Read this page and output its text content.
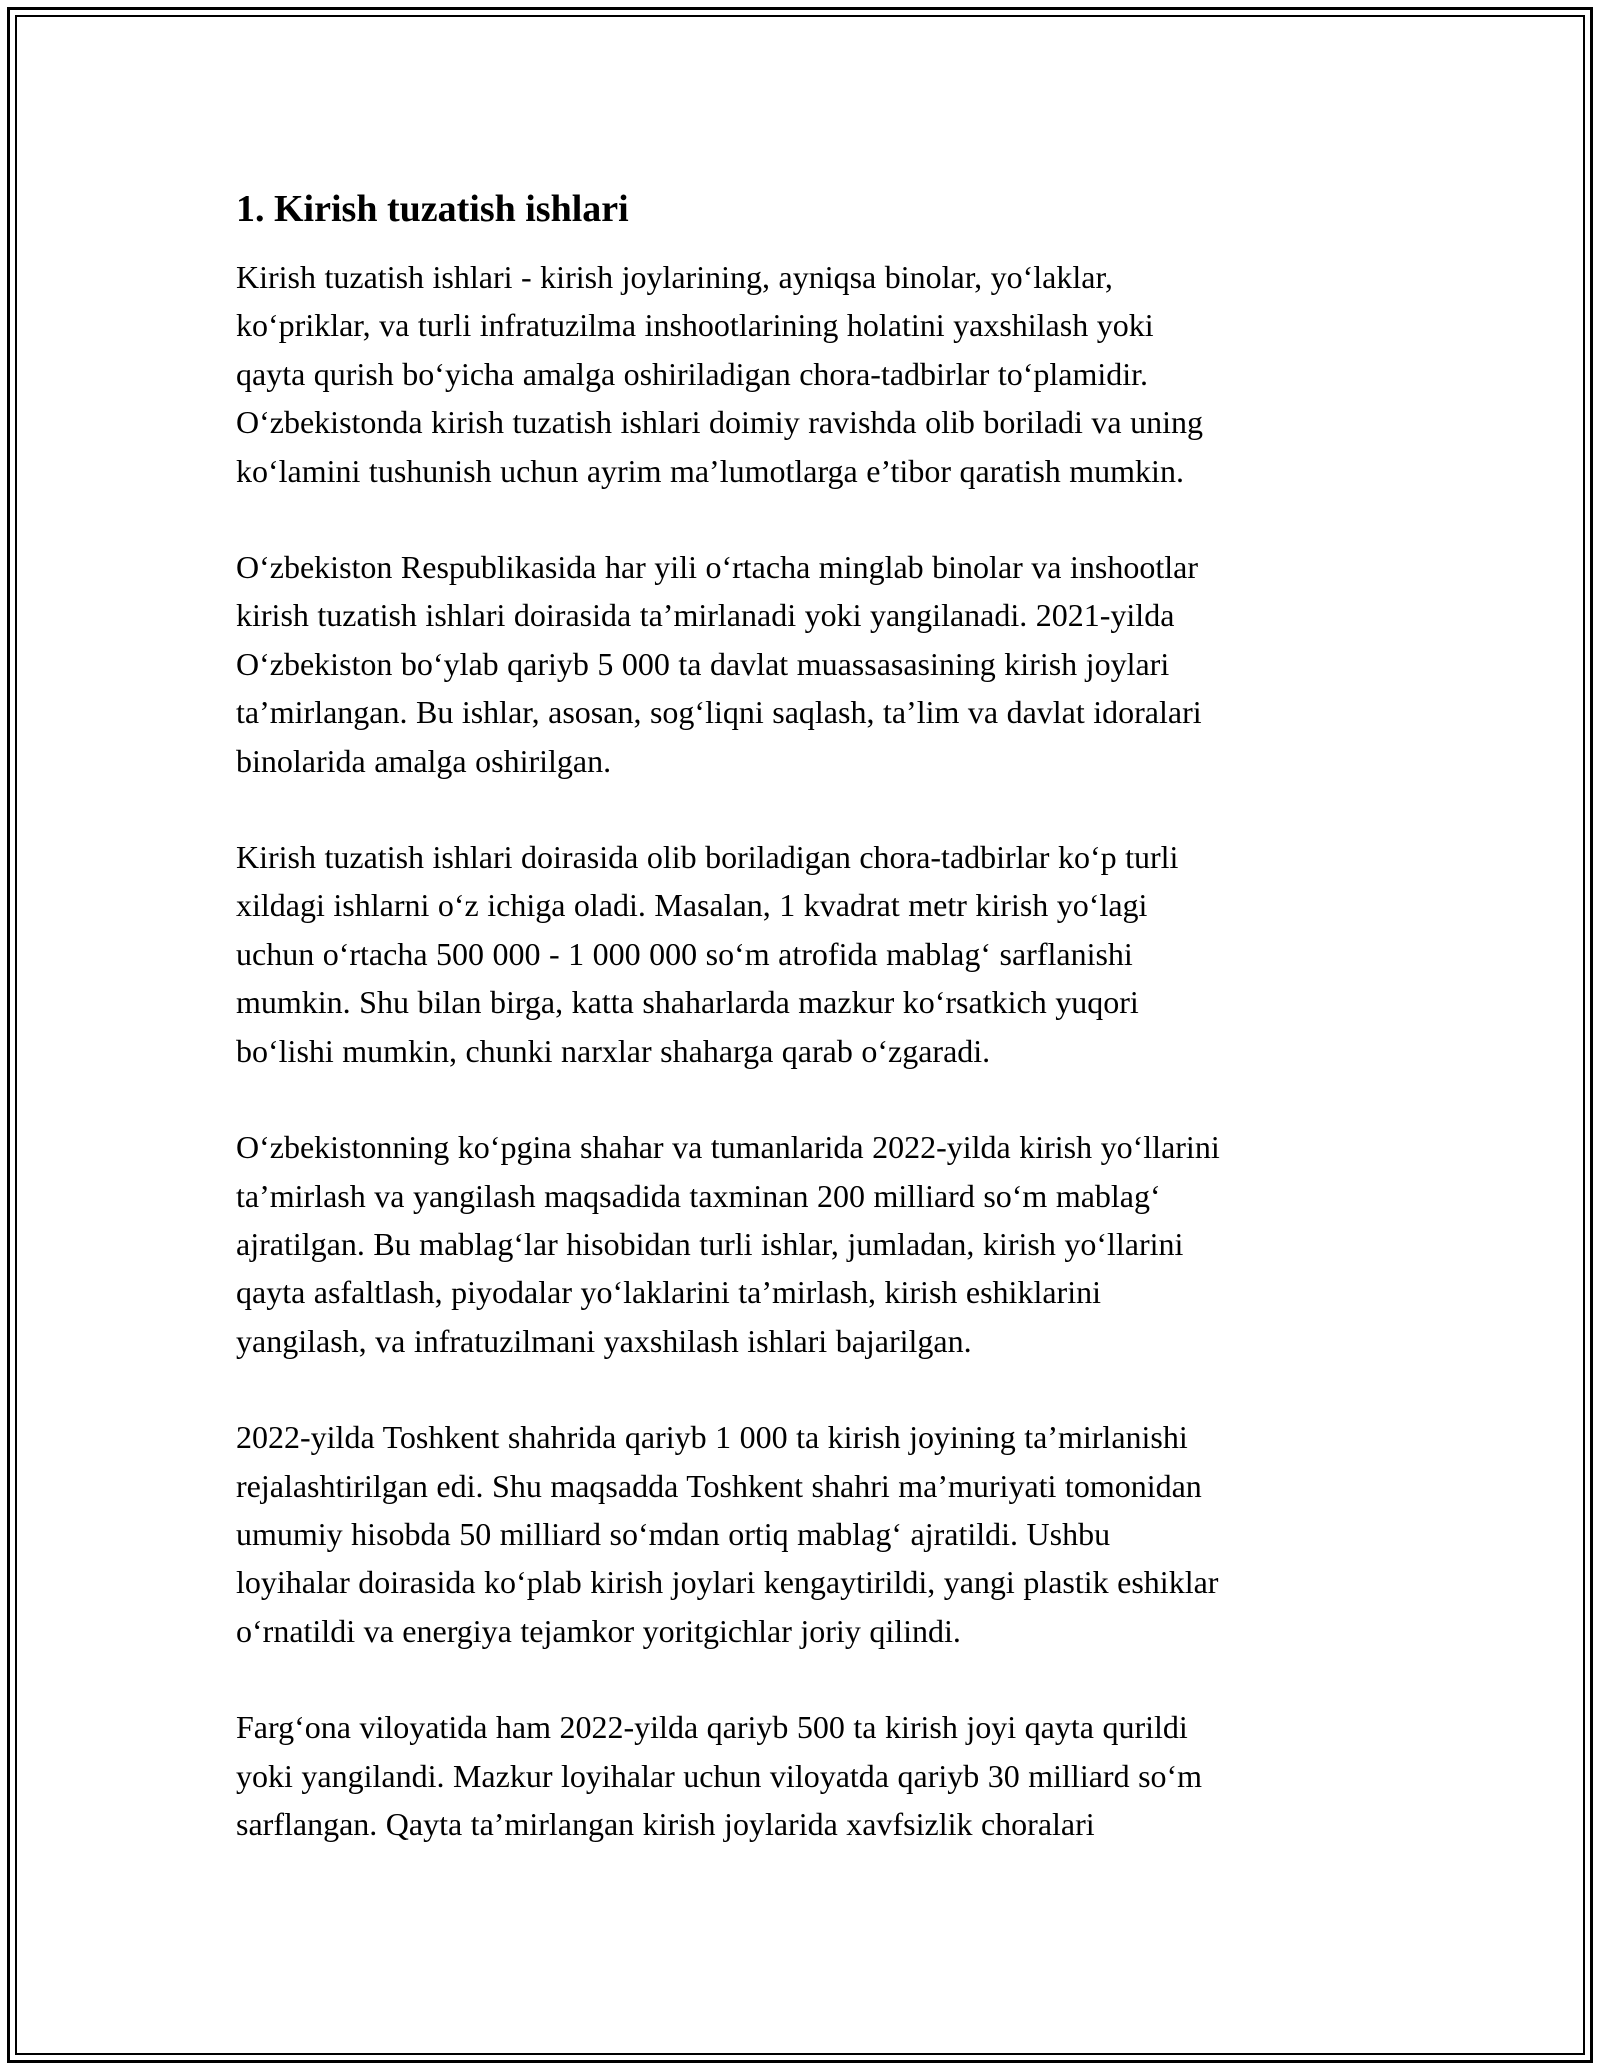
1. Kirish tuzatish ishlari

Kirish tuzatish ishlari - kirish joylarining, ayniqsa binolar, yo‘laklar,
ko‘priklar, va turli infratuzilma inshootlarining holatini yaxshilash yoki
qayta qurish bo‘yicha amalga oshiriladigan chora-tadbirlar to‘plamidir.
O‘zbekistonda kirish tuzatish ishlari doimiy ravishda olib boriladi va uning
ko‘lamini tushunish uchun ayrim ma’lumotlarga e’tibor qaratish mumkin.

O‘zbekiston Respublikasida har yili o‘rtacha minglab binolar va inshootlar
kirish tuzatish ishlari doirasida ta’mirlanadi yoki yangilanadi. 2021-yilda
O‘zbekiston bo‘ylab qariyb 5 000 ta davlat muassasasining kirish joylari
ta’mirlangan. Bu ishlar, asosan, sog‘liqni saqlash, ta’lim va davlat idoralari
binolarida amalga oshirilgan.

Kirish tuzatish ishlari doirasida olib boriladigan chora-tadbirlar ko‘p turli
xildagi ishlarni o‘z ichiga oladi. Masalan, 1 kvadrat metr kirish yo‘lagi
uchun o‘rtacha 500 000 - 1 000 000 so‘m atrofida mablag‘ sarflanishi
mumkin. Shu bilan birga, katta shaharlarda mazkur ko‘rsatkich yuqori
bo‘lishi mumkin, chunki narxlar shaharga qarab o‘zgaradi.

O‘zbekistonning ko‘pgina shahar va tumanlarida 2022-yilda kirish yo‘llarini
ta’mirlash va yangilash maqsadida taxminan 200 milliard so‘m mablag‘
ajratilgan. Bu mablag‘lar hisobidan turli ishlar, jumladan, kirish yo‘llarini
qayta asfaltlash, piyodalar yo‘laklarini ta’mirlash, kirish eshiklarini
yangilash, va infratuzilmani yaxshilash ishlari bajarilgan.

2022-yilda Toshkent shahrida qariyb 1 000 ta kirish joyining ta’mirlanishi
rejalashtirilgan edi. Shu maqsadda Toshkent shahri ma’muriyati tomonidan
umumiy hisobda 50 milliard so‘mdan ortiq mablag‘ ajratildi. Ushbu
loyihalar doirasida ko‘plab kirish joylari kengaytirildi, yangi plastik eshiklar
o‘rnatildi va energiya tejamkor yoritgichlar joriy qilindi.

Farg‘ona viloyatida ham 2022-yilda qariyb 500 ta kirish joyi qayta qurildi
yoki yangilandi. Mazkur loyihalar uchun viloyatda qariyb 30 milliard so‘m
sarflangan. Qayta ta’mirlangan kirish joylarida xavfsizlik choralari
